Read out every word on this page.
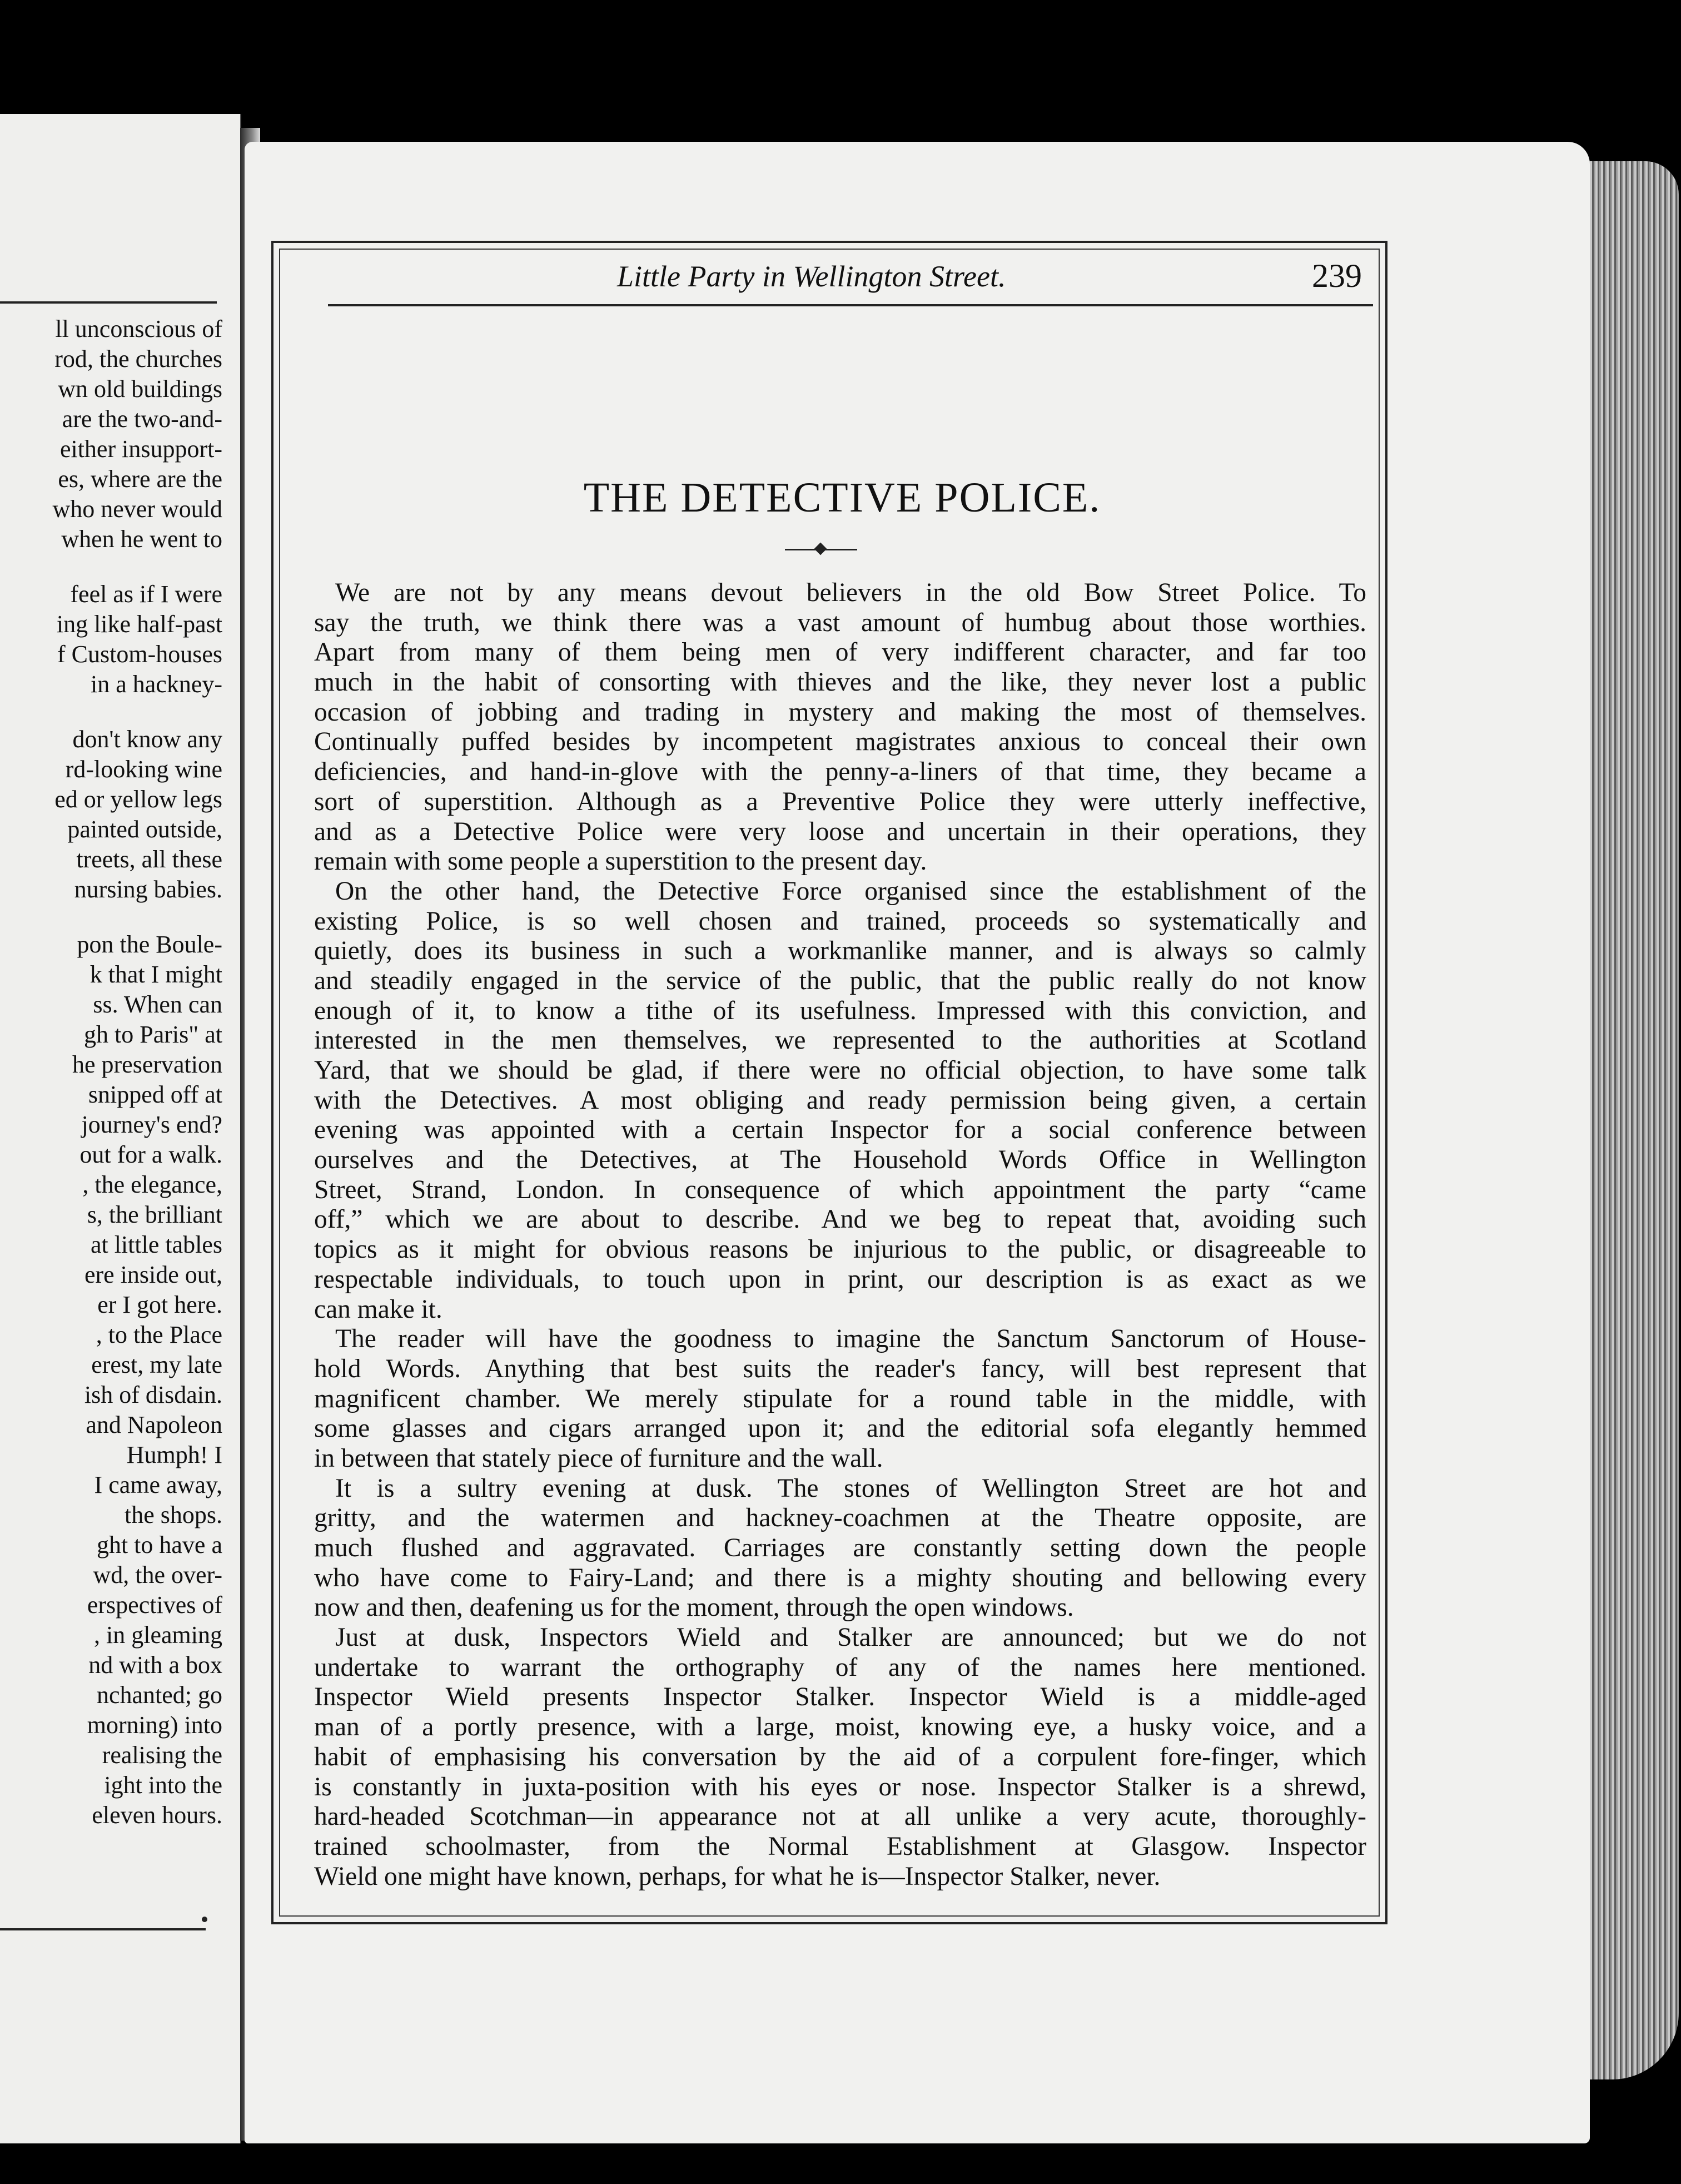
ll unconscious of
rod, the churches
wn old buildings
are the two-and-
either insupport-
es, where are the
who never would
when he went to
feel as if I were
ing like half-past
f Custom-houses
in a hackney-
don't know any
rd-looking wine
ed or yellow legs
painted outside,
treets, all these
nursing babies.
pon the Boule-
k that I might
ss. When can
gh to Paris" at
he preservation
snipped off at
journey's end?
out for a walk.
, the elegance,
s, the brilliant
at little tables
ere inside out,
er I got here.
, to the Place
erest, my late
ish of disdain.
and Napoleon
Humph! I
I came away,
the shops.
ght to have a
wd, the over-
erspectives of
, in gleaming
nd with a box
nchanted; go
morning) into
realising the
ight into the
eleven hours.
Little Party in Wellington Street.	239
THE DETECTIVE POLICE.

We are not by any means devout believers in the old Bow Street Police. To
say the truth, we think there was a vast amount of humbug about those worthies.
Apart from many of them being men of very indifferent character, and far too
much in the habit of consorting with thieves and the like, they never lost a public
occasion of jobbing and trading in mystery and making the most of themselves.
Continually puffed besides by incompetent magistrates anxious to conceal their own
deficiencies, and hand-in-glove with the penny-a-liners of that time, they became a
sort of superstition. Although as a Preventive Police they were utterly ineffective,
and as a Detective Police were very loose and uncertain in their operations, they
remain with some people a superstition to the present day.

On the other hand, the Detective Force organised since the establishment of the
existing Police, is so well chosen and trained, proceeds so systematically and
quietly, does its business in such a workmanlike manner, and is always so calmly
and steadily engaged in the service of the public, that the public really do not know
enough of it, to know a tithe of its usefulness. Impressed with this conviction, and
interested in the men themselves, we represented to the authorities at Scotland
Yard, that we should be glad, if there were no official objection, to have some talk
with the Detectives. A most obliging and ready permission being given, a certain
evening was appointed with a certain Inspector for a social conference between
ourselves and the Detectives, at The Household Words Office in Wellington
Street, Strand, London. In consequence of which appointment the party “came
off,” which we are about to describe. And we beg to repeat that, avoiding such
topics as it might for obvious reasons be injurious to the public, or disagreeable to
respectable individuals, to touch upon in print, our description is as exact as we
can make it.

The reader will have the goodness to imagine the Sanctum Sanctorum of House-
hold Words. Anything that best suits the reader's fancy, will best represent that
magnificent chamber. We merely stipulate for a round table in the middle, with
some glasses and cigars arranged upon it; and the editorial sofa elegantly hemmed
in between that stately piece of furniture and the wall.

It is a sultry evening at dusk. The stones of Wellington Street are hot and
gritty, and the watermen and hackney-coachmen at the Theatre opposite, are
much flushed and aggravated. Carriages are constantly setting down the people
who have come to Fairy-Land; and there is a mighty shouting and bellowing every
now and then, deafening us for the moment, through the open windows.

Just at dusk, Inspectors Wield and Stalker are announced; but we do not
undertake to warrant the orthography of any of the names here mentioned.
Inspector Wield presents Inspector Stalker. Inspector Wield is a middle-aged
man of a portly presence, with a large, moist, knowing eye, a husky voice, and a
habit of emphasising his conversation by the aid of a corpulent fore-finger, which
is constantly in juxta-position with his eyes or nose. Inspector Stalker is a shrewd,
hard-headed Scotchman—in appearance not at all unlike a very acute, thoroughly-
trained schoolmaster, from the Normal Establishment at Glasgow. Inspector
Wield one might have known, perhaps, for what he is—Inspector Stalker, never.
